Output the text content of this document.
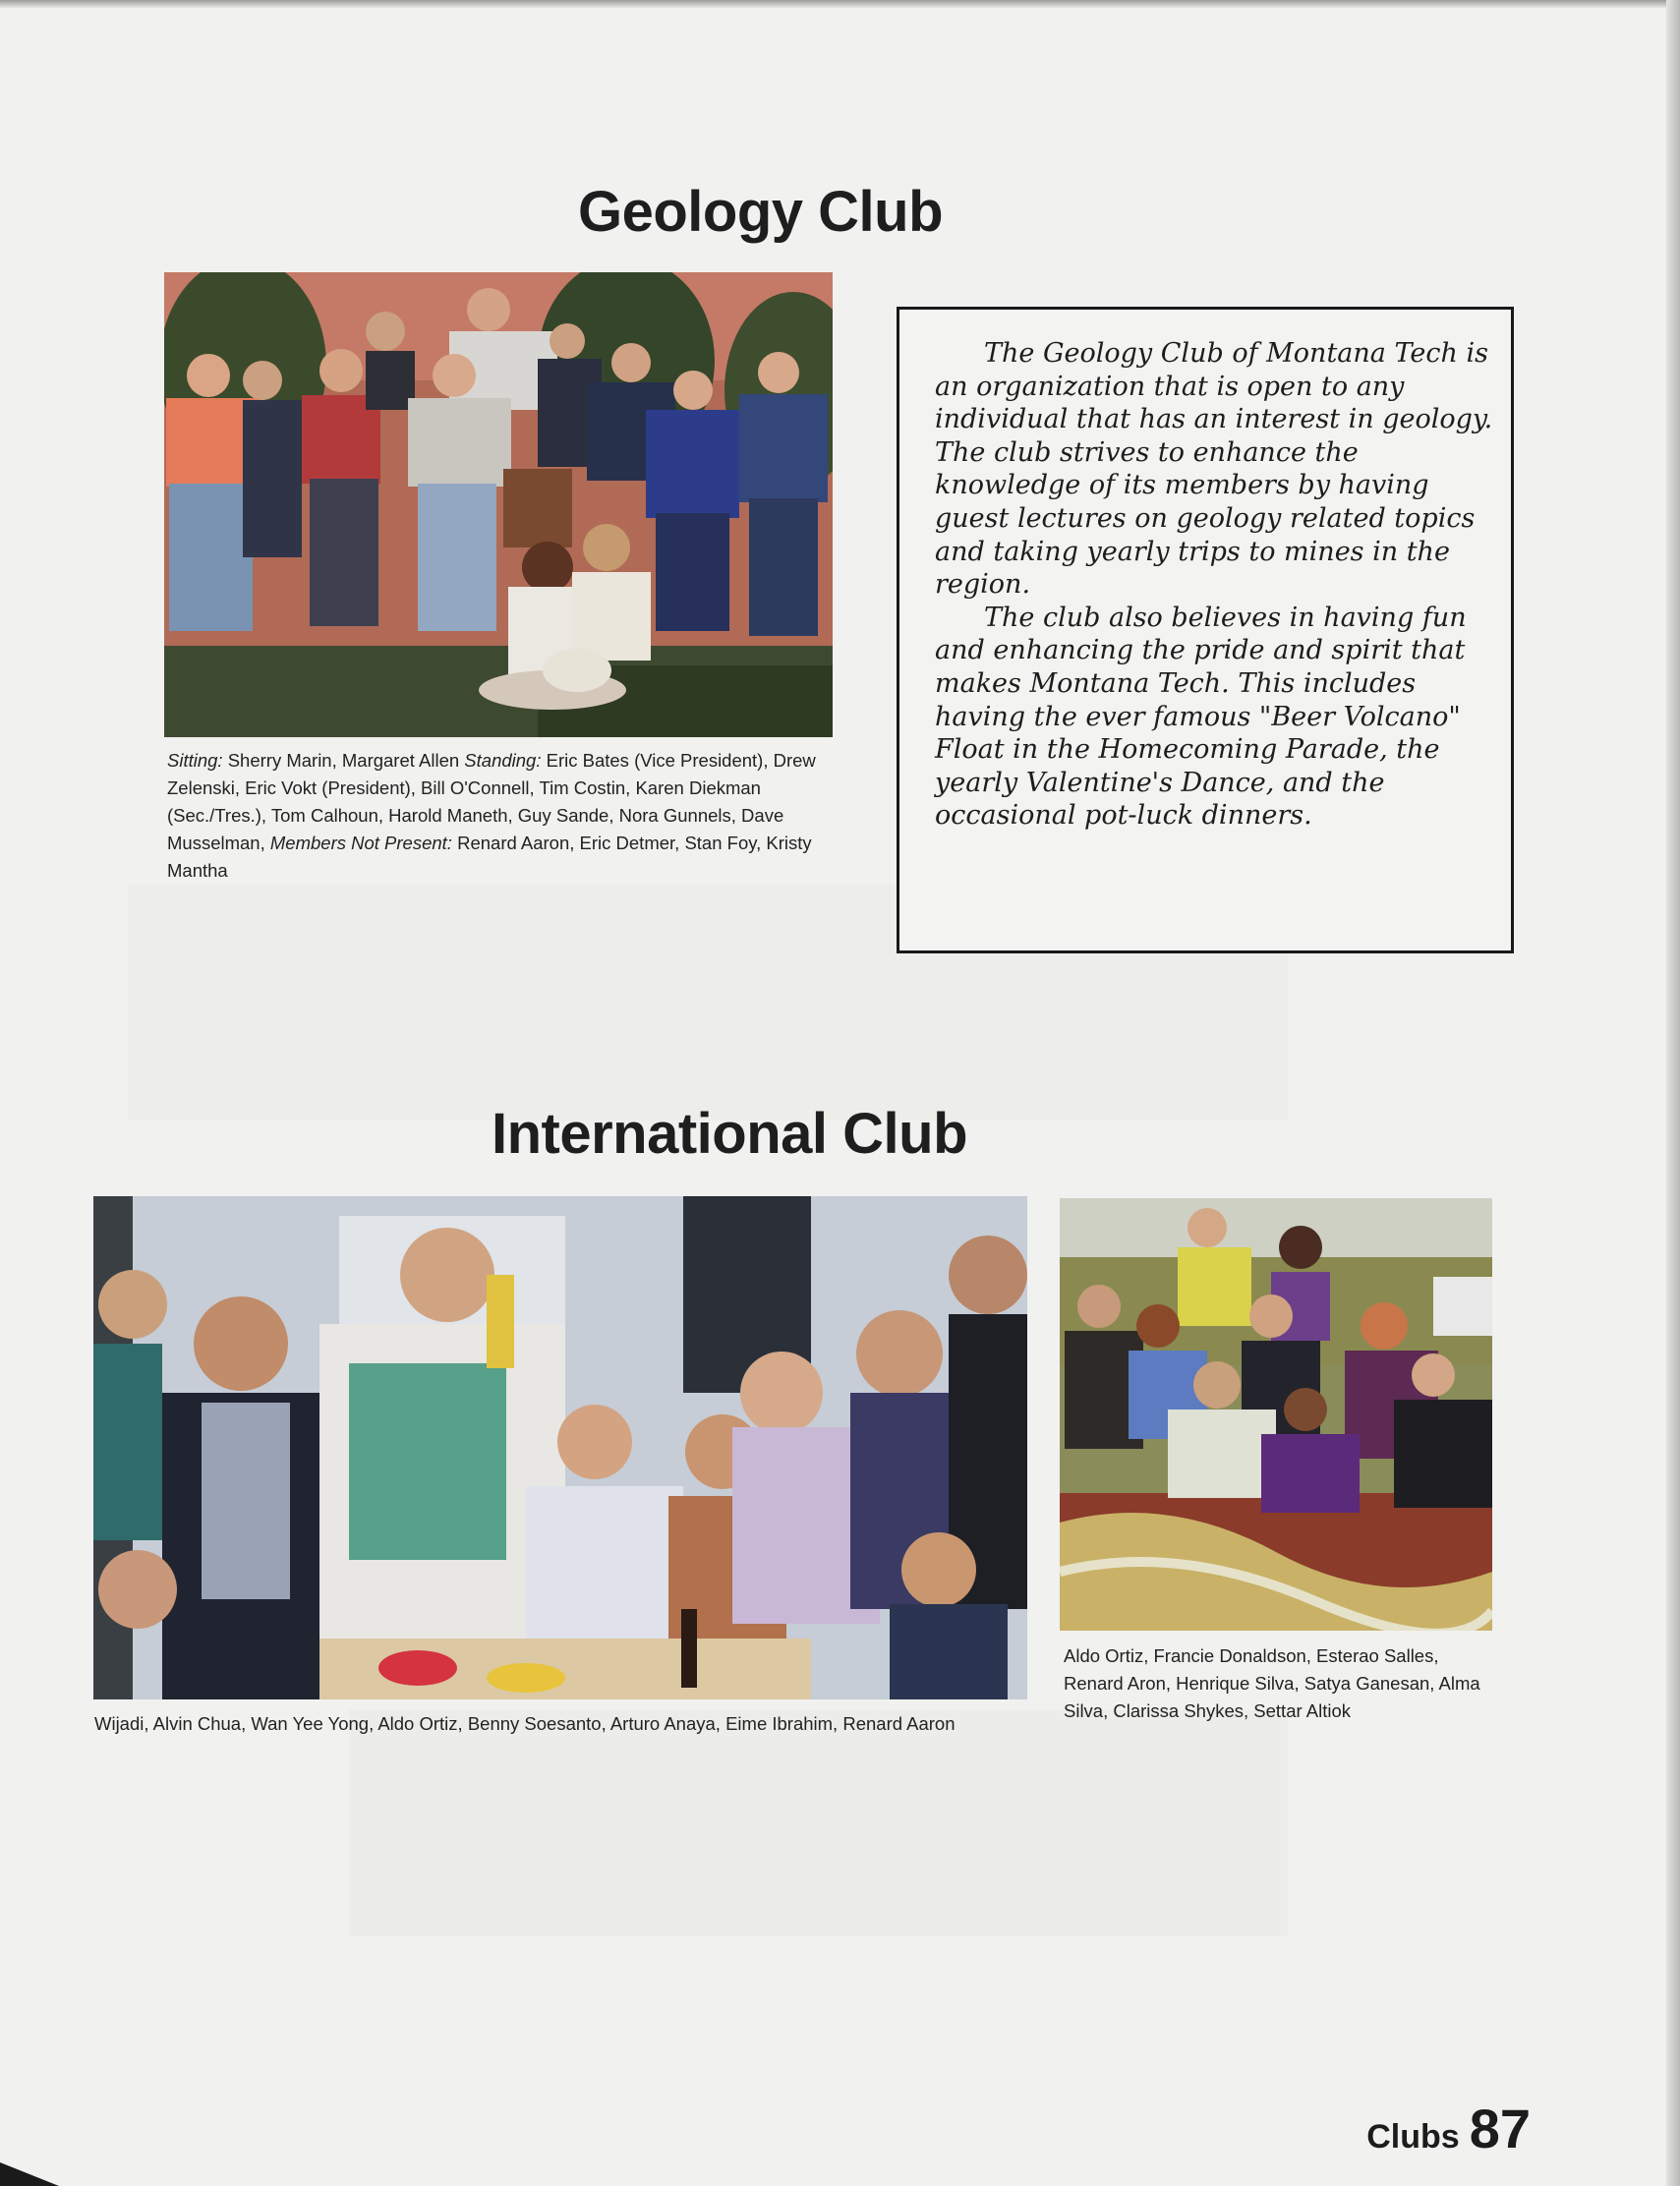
Geology Club
Sitting: Sherry Marin, Margaret Allen Standing: Eric Bates (Vice President), Drew Zelenski, Eric Vokt (President), Bill O'Connell, Tim Costin, Karen Diekman (Sec./Tres.), Tom Calhoun, Harold Maneth, Guy Sande, Nora Gunnels, Dave Musselman, Members Not Present: Renard Aaron, Eric Detmer, Stan Foy, Kristy Mantha

The Geology Club of Montana Tech is an organization that is open to any individual that has an interest in geology. The club strives to enhance the knowledge of its members by having guest lectures on geology related topics and taking yearly trips to mines in the region.

The club also believes in having fun and enhancing the pride and spirit that makes Montana Tech. This includes having the ever famous "Beer Volcano" Float in the Homecoming Parade, the yearly Valentine's Dance, and the occasional pot-luck dinners.

International Club
Wijadi, Alvin Chua, Wan Yee Yong, Aldo Ortiz, Benny Soesanto, Arturo Anaya, Eime Ibrahim, Renard Aaron
Aldo Ortiz, Francie Donaldson, Esterao Salles, Renard Aron, Henrique Silva, Satya Ganesan, Alma Silva, Clarissa Shykes, Settar Altiok
Clubs 87
